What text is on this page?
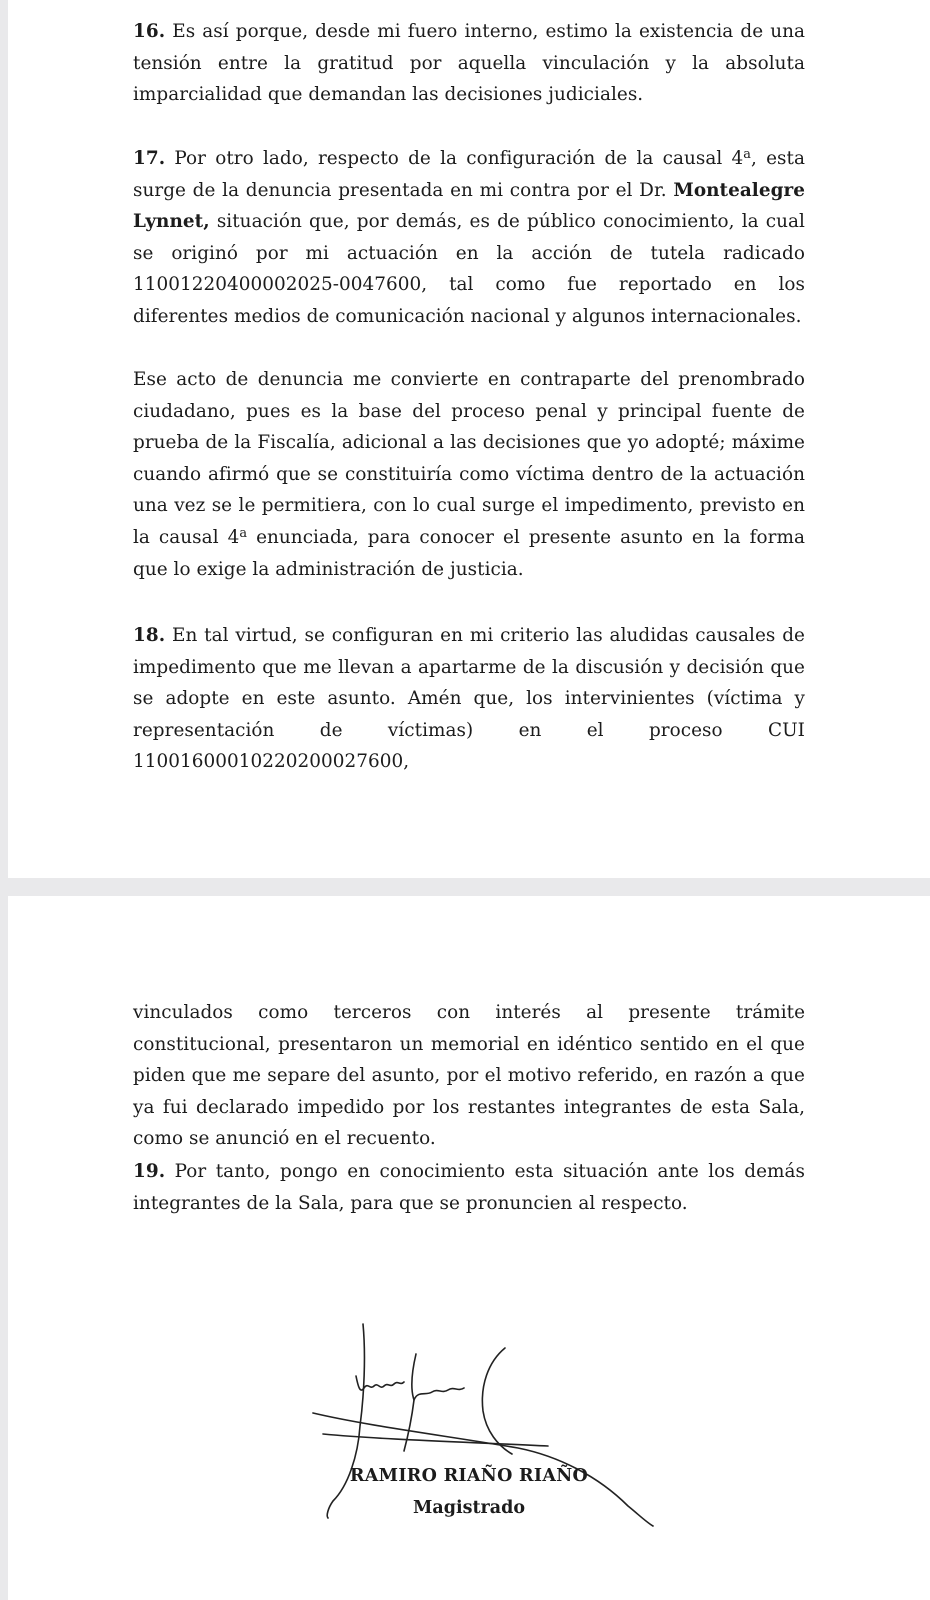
16. Es así porque, desde mi fuero interno, estimo la existencia de una tensión entre la gratitud por aquella vinculación y la absoluta imparcialidad que demandan las decisiones judiciales.

17. Por otro lado, respecto de la configuración de la causal 4$^a$, esta surge de la denuncia presentada en mi contra por el Dr. Montealegre Lynnet, situación que, por demás, es de público conocimiento, la cual se originó por mi actuación en la acción de tutela radicado 11001220400002025-0047600, tal como fue reportado en los diferentes medios de comunicación nacional y algunos internacionales.

Ese acto de denuncia me convierte en contraparte del prenombrado ciudadano, pues es la base del proceso penal y principal fuente de prueba de la Fiscalía, adicional a las decisiones que yo adopté; máxime cuando afirmó que se constituiría como víctima dentro de la actuación una vez se le permitiera, con lo cual surge el impedimento, previsto en la causal 4$^a$ enunciada, para conocer el presente asunto en la forma que lo exige la administración de justicia.

18. En tal virtud, se configuran en mi criterio las aludidas causales de impedimento que me llevan a apartarme de la discusión y decisión que se adopte en este asunto. Amén que, los intervinientes (víctima y representación de víctimas) en el proceso CUI 11001600010220200027600,

vinculados como terceros con interés al presente trámite constitucional, presentaron un memorial en idéntico sentido en el que piden que me separe del asunto, por el motivo referido, en razón a que ya fui declarado impedido por los restantes integrantes de esta Sala, como se anunció en el recuento.

19. Por tanto, pongo en conocimiento esta situación ante los demás integrantes de la Sala, para que se pronuncien al respecto.

RAMIRO RIAÑO RIAÑO

Magistrado
